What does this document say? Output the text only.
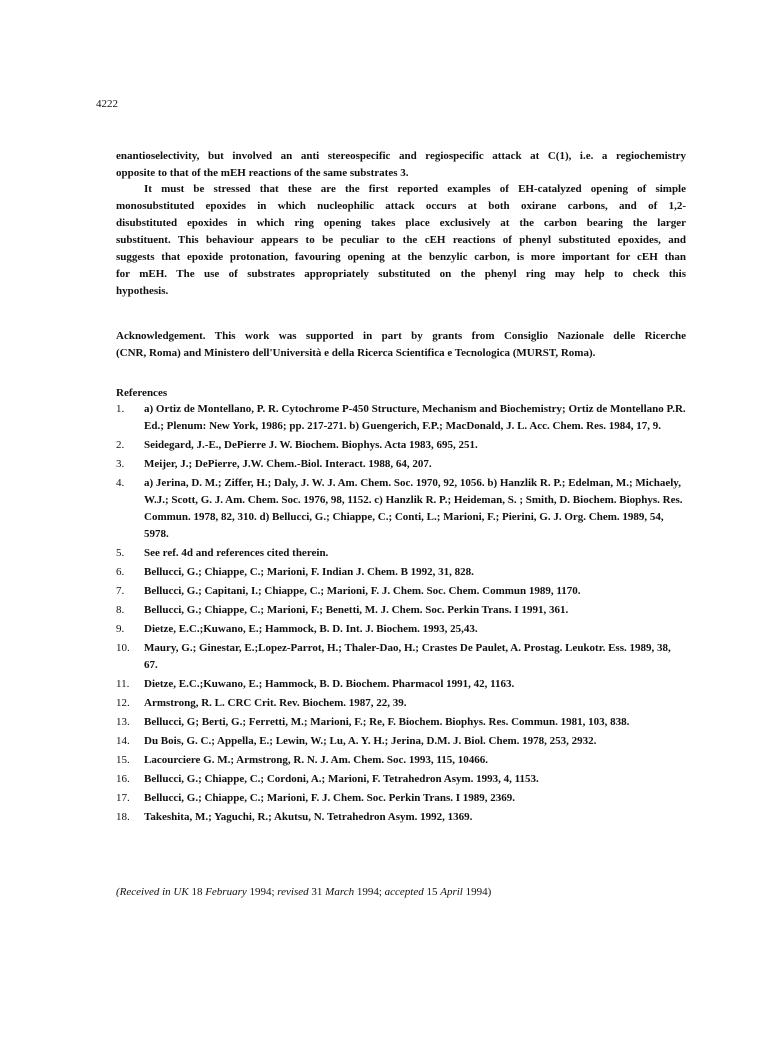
4222
enantioselectivity, but involved an anti stereospecific and regiospecific attack at C(1), i.e. a regiochemistry
opposite to that of the mEH reactions of the same substrates 3.
It must be stressed that these are the first reported examples of EH-catalyzed opening of simple
monosubstituted epoxides in which nucleophilic attack occurs at both oxirane carbons, and of 1,2-
disubstituted epoxides in which ring opening takes place exclusively at the carbon bearing the larger
substituent. This behaviour appears to be peculiar to the cEH reactions of phenyl substituted epoxides, and
suggests that epoxide protonation, favouring opening at the benzylic carbon, is more important for cEH than
for mEH. The use of substrates appropriately substituted on the phenyl ring may help to check this
hypothesis.
Acknowledgement. This work was supported in part by grants from Consiglio Nazionale delle Ricerche
(CNR, Roma) and Ministero dell'Università e della Ricerca Scientifica e Tecnologica (MURST, Roma).
References
1.	a) Ortiz de Montellano, P. R. Cytochrome P-450 Structure, Mechanism and Biochemistry; Ortiz de Montellano P.R. Ed.; Plenum: New York, 1986; pp. 217-271. b) Guengerich, F.P.; MacDonald, J. L. Acc. Chem. Res. 1984, 17, 9.
2.	Seidegard, J.-E., DePierre J. W. Biochem. Biophys. Acta 1983, 695, 251.
3.	Meijer, J.; DePierre, J.W. Chem.-Biol. Interact. 1988, 64, 207.
4.	a) Jerina, D. M.; Ziffer, H.; Daly, J. W. J. Am. Chem. Soc. 1970, 92, 1056. b) Hanzlik R. P.; Edelman, M.; Michaely, W.J.; Scott, G. J. Am. Chem. Soc. 1976, 98, 1152. c) Hanzlik R. P.; Heideman, S. ; Smith, D. Biochem. Biophys. Res. Commun. 1978, 82, 310. d) Bellucci, G.; Chiappe, C.; Conti, L.; Marioni, F.; Pierini, G. J. Org. Chem. 1989, 54, 5978.
5.	See ref. 4d and references cited therein.
6.	Bellucci, G.; Chiappe, C.; Marioni, F. Indian J. Chem. B 1992, 31, 828.
7.	Bellucci, G.; Capitani, I.; Chiappe, C.; Marioni, F. J. Chem. Soc. Chem. Commun 1989, 1170.
8.	Bellucci, G.; Chiappe, C.; Marioni, F.; Benetti, M. J. Chem. Soc. Perkin Trans. I 1991, 361.
9.	Dietze, E.C.;Kuwano, E.; Hammock, B. D. Int. J. Biochem. 1993, 25,43.
10.	Maury, G.; Ginestar, E.;Lopez-Parrot, H.; Thaler-Dao, H.; Crastes De Paulet, A. Prostag. Leukotr. Ess. 1989, 38, 67.
11.	Dietze, E.C.;Kuwano, E.; Hammock, B. D. Biochem. Pharmacol 1991, 42, 1163.
12.	Armstrong, R. L. CRC Crit. Rev. Biochem. 1987, 22, 39.
13.	Bellucci, G; Berti, G.; Ferretti, M.; Marioni, F.; Re, F. Biochem. Biophys. Res. Commun. 1981, 103, 838.
14.	Du Bois, G. C.; Appella, E.; Lewin, W.; Lu, A. Y. H.; Jerina, D.M. J. Biol. Chem. 1978, 253, 2932.
15.	Lacourciere G. M.; Armstrong, R. N. J. Am. Chem. Soc. 1993, 115, 10466.
16.	Bellucci, G.; Chiappe, C.; Cordoni, A.; Marioni, F. Tetrahedron Asym. 1993, 4, 1153.
17.	Bellucci, G.; Chiappe, C.; Marioni, F. J. Chem. Soc. Perkin Trans. I 1989, 2369.
18.	Takeshita, M.; Yaguchi, R.; Akutsu, N. Tetrahedron Asym. 1992, 1369.
(Received in UK 18 February 1994; revised 31 March 1994; accepted 15 April 1994)
